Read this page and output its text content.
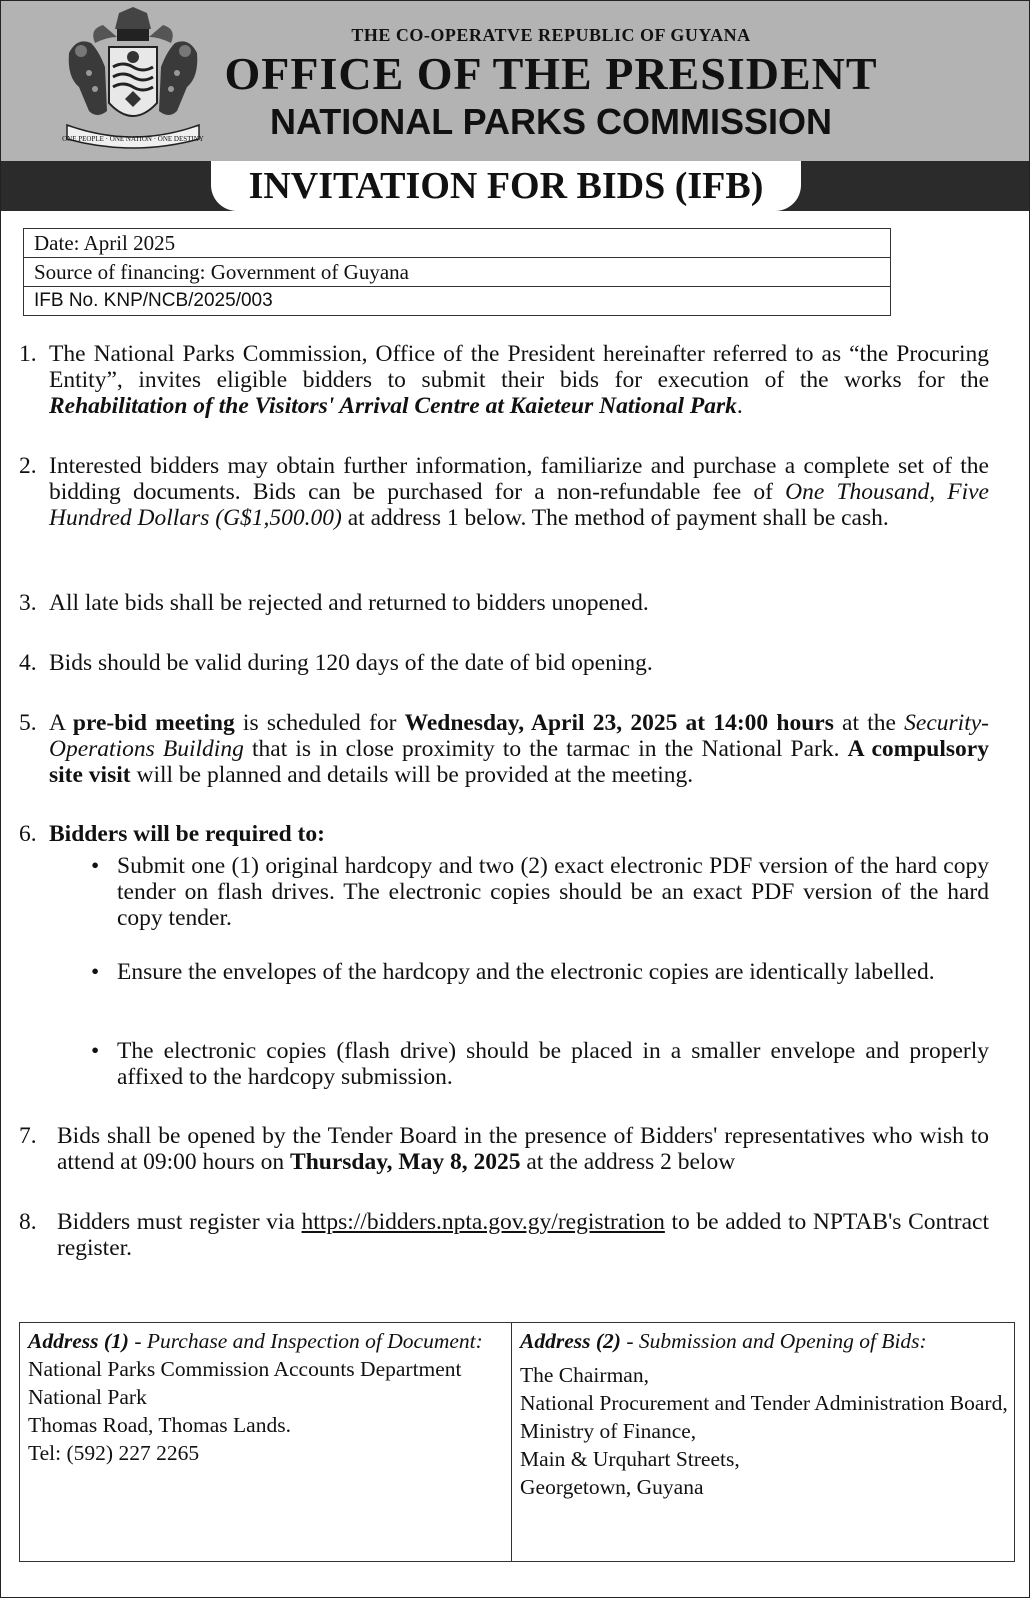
ONE PEOPLE · ONE NATION · ONE DESTINY
THE CO-OPERATVE REPUBLIC OF GUYANA
OFFICE OF THE PRESIDENT
NATIONAL PARKS COMMISSION
INVITATION FOR BIDS (IFB)
Date: April 2025
Source of financing: Government of Guyana
IFB No. KNP/NCB/2025/003
1. The National Parks Commission, Office of the President hereinafter referred to as “the Procuring Entity”, invites eligible bidders to submit their bids for execution of the works for the Rehabilitation of the Visitors' Arrival Centre at Kaieteur National Park.
2. Interested bidders may obtain further information, familiarize and purchase a complete set of the bidding documents. Bids can be purchased for a non-refundable fee of One Thousand, Five Hundred Dollars (G$1,500.00) at address 1 below. The method of payment shall be cash.
3. All late bids shall be rejected and returned to bidders unopened.
4. Bids should be valid during 120 days of the date of bid opening.
5. A pre-bid meeting is scheduled for Wednesday, April 23, 2025 at 14:00 hours at the Security-Operations Building that is in close proximity to the tarmac in the National Park. A compulsory site visit will be planned and details will be provided at the meeting.
6. Bidders will be required to:
• Submit one (1) original hardcopy and two (2) exact electronic PDF version of the hard copy tender on flash drives. The electronic copies should be an exact PDF version of the hard copy tender.
• Ensure the envelopes of the hardcopy and the electronic copies are identically labelled.
• The electronic copies (flash drive) should be placed in a smaller envelope and properly affixed to the hardcopy submission.
7. Bids shall be opened by the Tender Board in the presence of Bidders' representatives who wish to attend at 09:00 hours on Thursday, May 8, 2025 at the address 2 below
8. Bidders must register via https://bidders.npta.gov.gy/registration to be added to NPTAB's Contract register.
Address (1) - Purchase and Inspection of Document:
National Parks Commission Accounts Department
National Park
Thomas Road, Thomas Lands.
Tel: (592) 227 2265
Address (2) - Submission and Opening of Bids:
The Chairman,
National Procurement and Tender Administration Board,
Ministry of Finance,
Main & Urquhart Streets,
Georgetown, Guyana
